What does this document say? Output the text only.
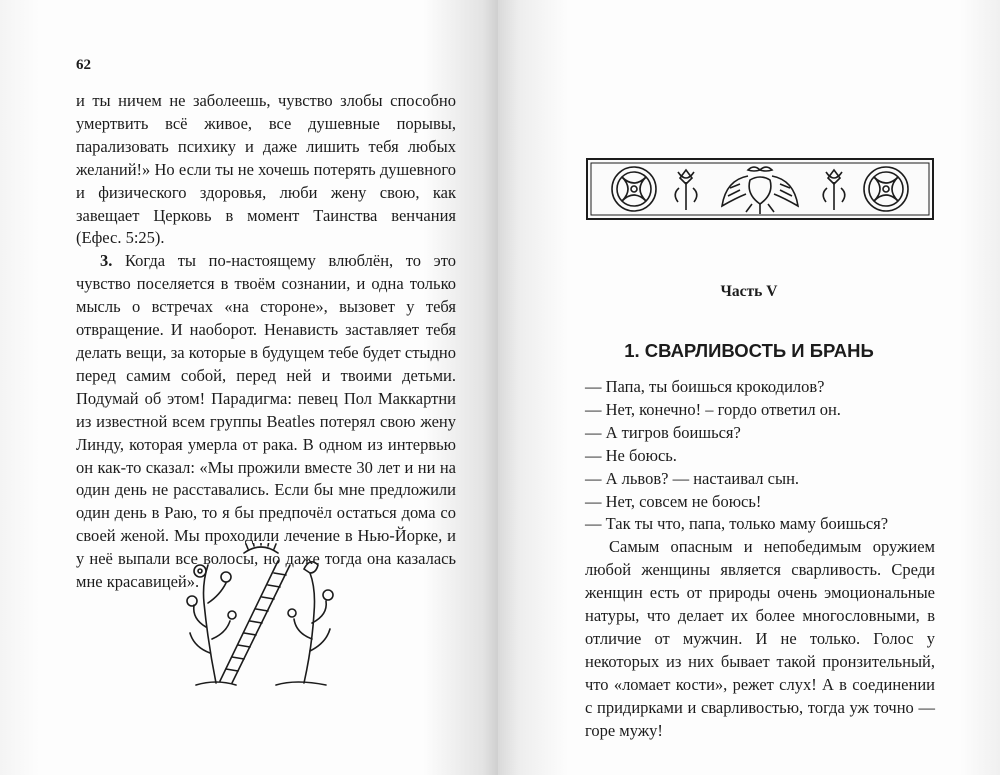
62

и ты ничем не заболеешь, чувство злобы способно умертвить всё живое, все душевные порывы, парализовать психику и даже лишить тебя любых желаний!» Но если ты не хочешь потерять душевного и физического здоровья, люби жену свою, как завещает Церковь в момент Таинства венчания (Ефес. 5:25).

3. Когда ты по-настоящему влюблён, то это чувство поселяется в твоём сознании, и одна только мысль о встречах «на стороне», вызовет у тебя отвращение. И наоборот. Ненависть заставляет тебя делать вещи, за которые в будущем тебе будет стыдно перед самим собой, перед ней и твоими детьми. Подумай об этом! Парадигма: певец Пол Маккартни из известной всем группы Beatles потерял свою жену Линду, которая умерла от рака. В одном из интервью он как-то сказал: «Мы прожили вместе 30 лет и ни на один день не расставались. Если бы мне предложили один день в Раю, то я бы предпочёл остаться дома со своей женой. Мы проходили лечение в Нью-Йорке, и у неё выпали все волосы, но даже тогда она казалась мне красавицей».

Часть V
1. СВАРЛИВОСТЬ И БРАНЬ

— Папа, ты боишься крокодилов?

— Нет, конечно! – гордо ответил он.

— А тигров боишься?

— Не боюсь.

— А львов? — настаивал сын.

— Нет, совсем не боюсь!

— Так ты что, папа, только маму боишься?

Самым опасным и непобедимым оружием любой женщины является сварливость. Среди женщин есть от природы очень эмоциональные натуры, что делает их более многословными, в отличие от мужчин. И не только. Голос у некоторых из них бывает такой пронзительный, что «ломает кости», режет слух! А в соединении с придирками и сварливостью, тогда уж точно — горе мужу!
